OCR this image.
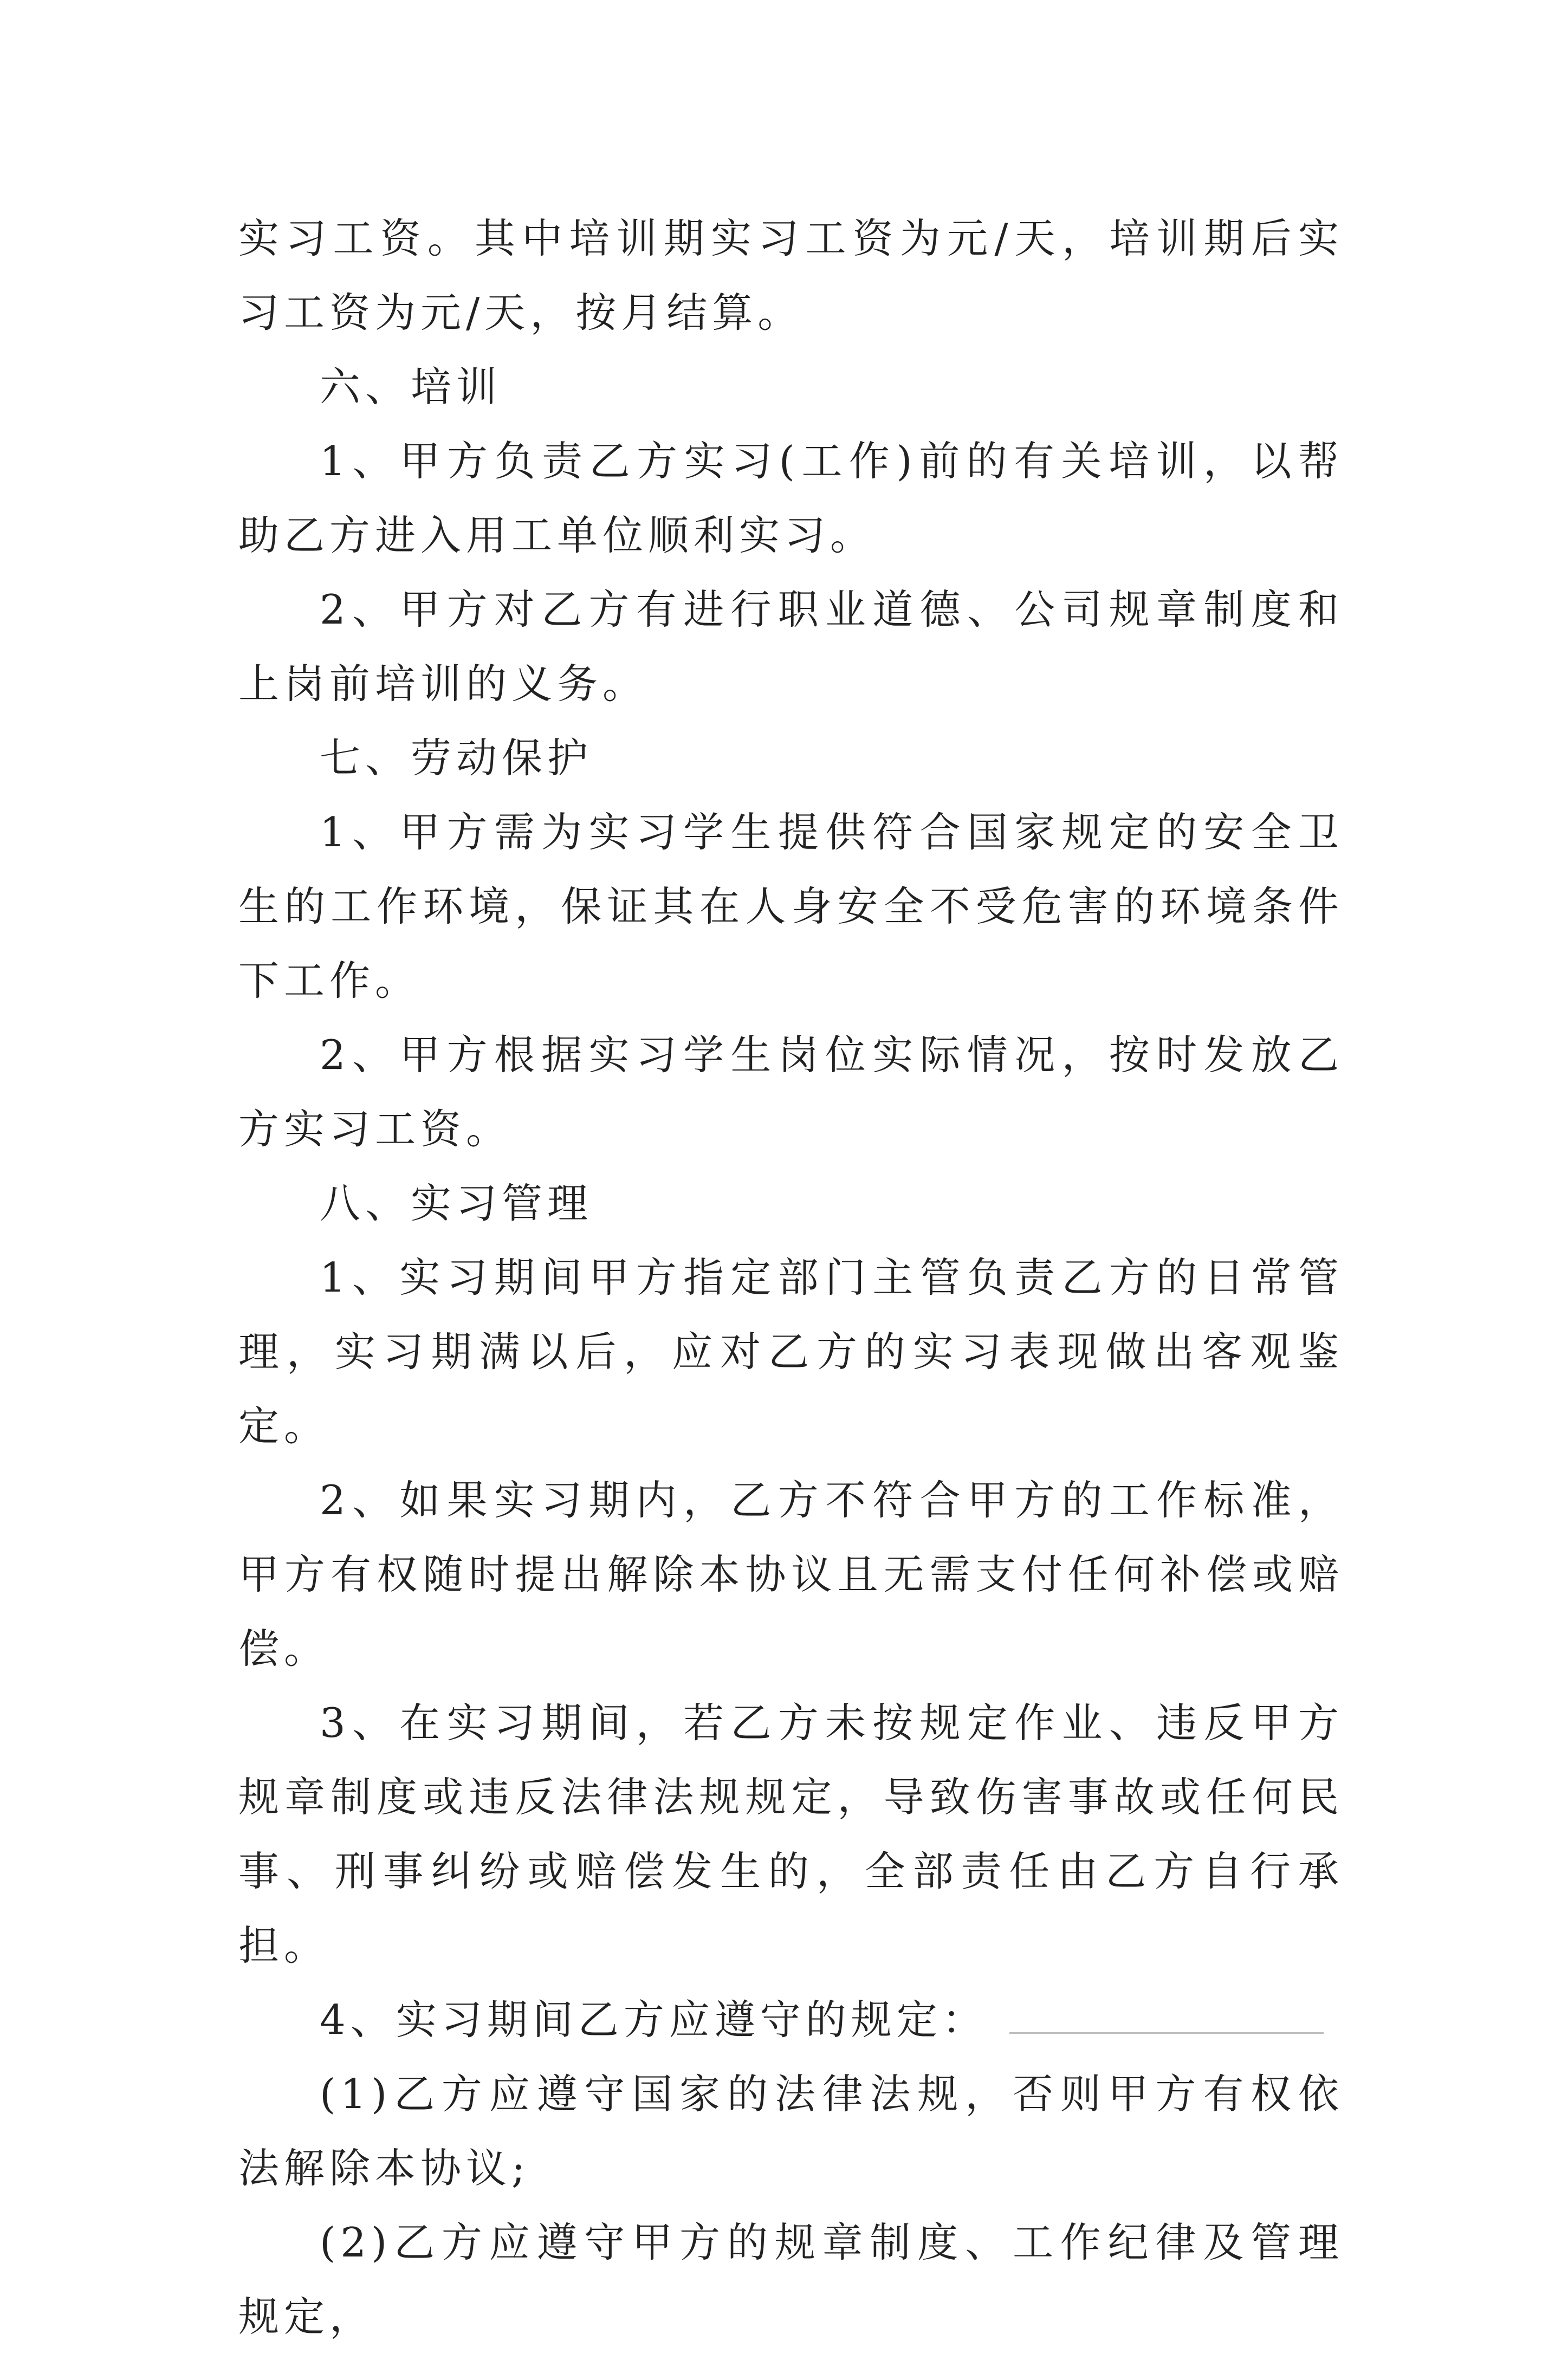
实习工资。其中培训期实习工资为元/天，培训期后实习工资为元/天，按月结算。

六、培训

1、甲方负责乙方实习(工作)前的有关培训，以帮助乙方进入用工单位顺利实习。

2、甲方对乙方有进行职业道德、公司规章制度和上岗前培训的义务。

七、劳动保护

1、甲方需为实习学生提供符合国家规定的安全卫生的工作环境，保证其在人身安全不受危害的环境条件下工作。

2、甲方根据实习学生岗位实际情况，按时发放乙方实习工资。

八、实习管理

1、实习期间甲方指定部门主管负责乙方的日常管理，实习期满以后，应对乙方的实习表现做出客观鉴定。

2、如果实习期内，乙方不符合甲方的工作标准，甲方有权随时提出解除本协议且无需支付任何补偿或赔偿。

3、在实习期间，若乙方未按规定作业、违反甲方规章制度或违反法律法规规定，导致伤害事故或任何民事、刑事纠纷或赔偿发生的，全部责任由乙方自行承担。

4、实习期间乙方应遵守的规定：

(1)乙方应遵守国家的法律法规，否则甲方有权依法解除本协议;

(2)乙方应遵守甲方的规章制度、工作纪律及管理规定，
